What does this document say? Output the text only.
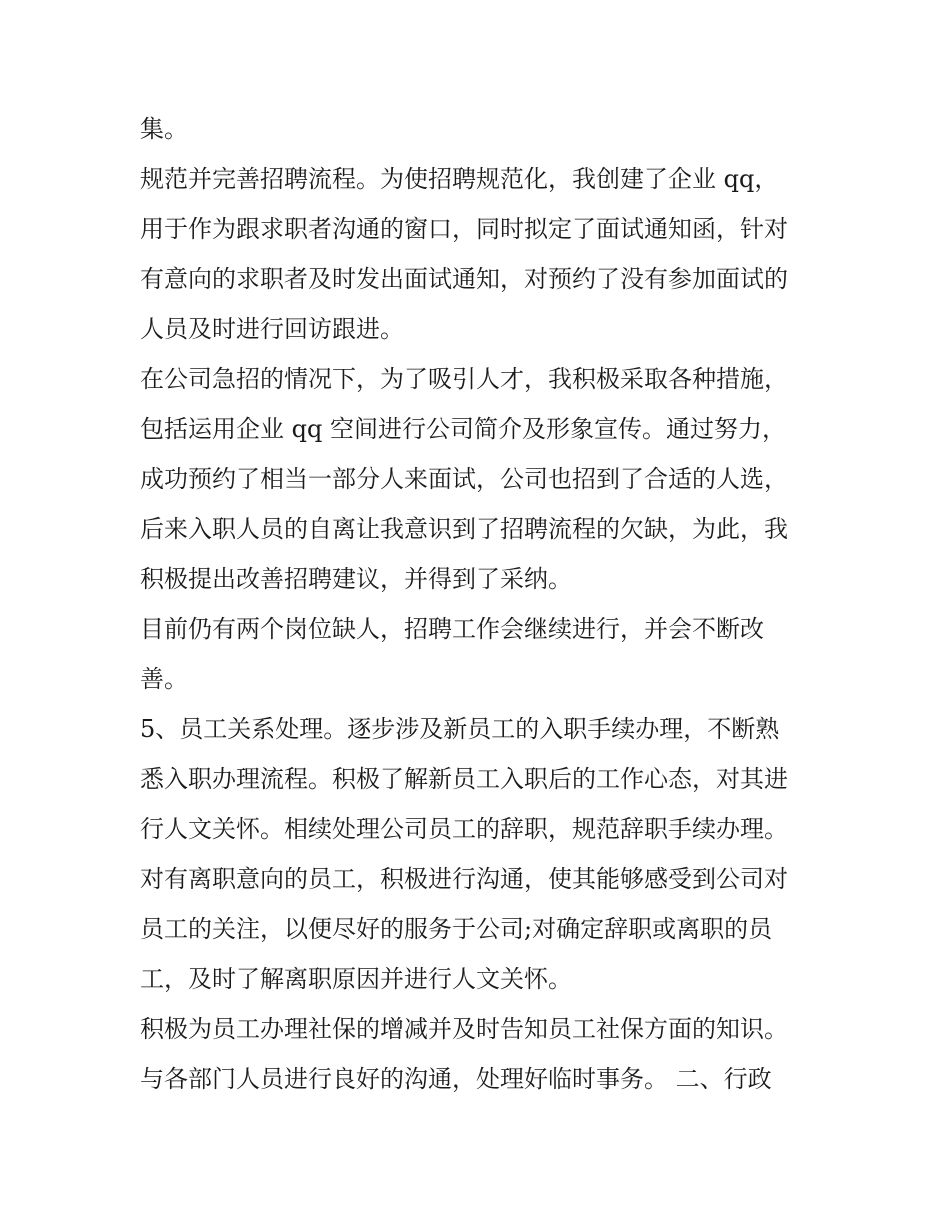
集。
规范并完善招聘流程。为使招聘规范化，我创建了企业 qq，
用于作为跟求职者沟通的窗口，同时拟定了面试通知函，针对
有意向的求职者及时发出面试通知，对预约了没有参加面试的
人员及时进行回访跟进。
在公司急招的情况下，为了吸引人才，我积极采取各种措施，
包括运用企业 qq 空间进行公司简介及形象宣传。通过努力，
成功预约了相当一部分人来面试，公司也招到了合适的人选，
后来入职人员的自离让我意识到了招聘流程的欠缺，为此，我
积极提出改善招聘建议，并得到了采纳。
目前仍有两个岗位缺人，招聘工作会继续进行，并会不断改
善。
5、员工关系处理。逐步涉及新员工的入职手续办理，不断熟
悉入职办理流程。积极了解新员工入职后的工作心态，对其进
行人文关怀。相续处理公司员工的辞职，规范辞职手续办理。
对有离职意向的员工，积极进行沟通，使其能够感受到公司对
员工的关注，以便尽好的服务于公司;对确定辞职或离职的员
工，及时了解离职原因并进行人文关怀。
积极为员工办理社保的增减并及时告知员工社保方面的知识。
与各部门人员进行良好的沟通，处理好临时事务。 二、行政
